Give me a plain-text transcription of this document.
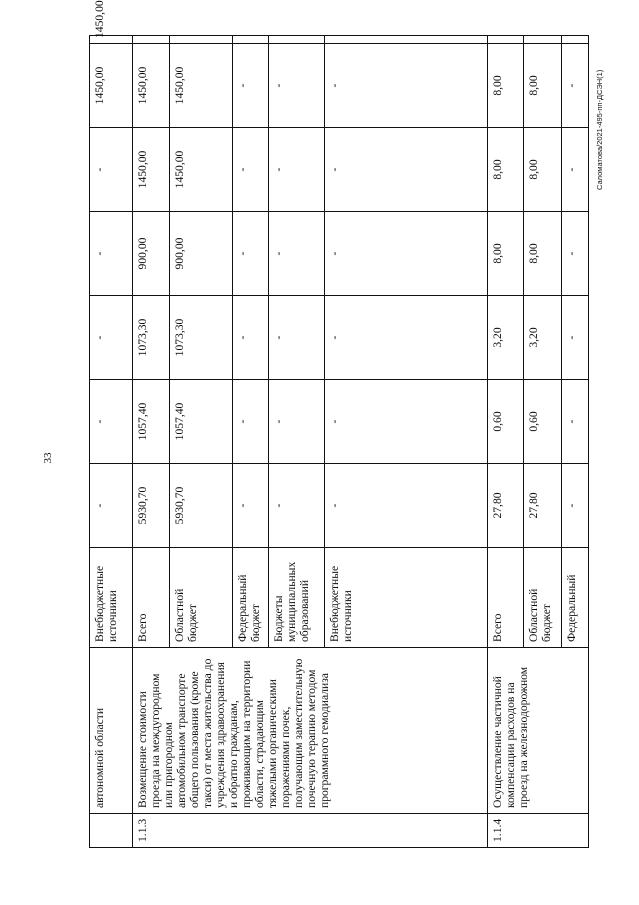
33
Саломатова/2021-495-пп-ДСЭН(1)
	автономной области	Внебюджетные источники	-	-	-	-	-	1450,00	1450,00
1.1.3	Возмещение стоимости проезда на междугородном или пригородном автомобильном транспорте общего пользования (кроме такси) от места жительства до учреждения здравоохранения и обратно гражданам, проживающим на территории области, страдающим тяжелыми органическими поражениями почек, получающим заместительную почечную терапию методом программного гемодиализа	Всего	5930,70	1057,40	1073,30	900,00	1450,00	1450,00	
		Областной бюджет	5930,70	1057,40	1073,30	900,00	1450,00	1450,00	
		Федеральный бюджет	-	-	-	-	-	-	
		Бюджеты муниципальных образований	-	-	-	-	-	-	
		Внебюджетные источники	-	-	-	-	-	-	
1.1.4	Осуществление частичной компенсации расходов на проезд на железнодорожном	Всего	27,80	0,60	3,20	8,00	8,00	8,00	
		Областной бюджет	27,80	0,60	3,20	8,00	8,00	8,00	
		Федеральный	-	-	-	-	-	-	
